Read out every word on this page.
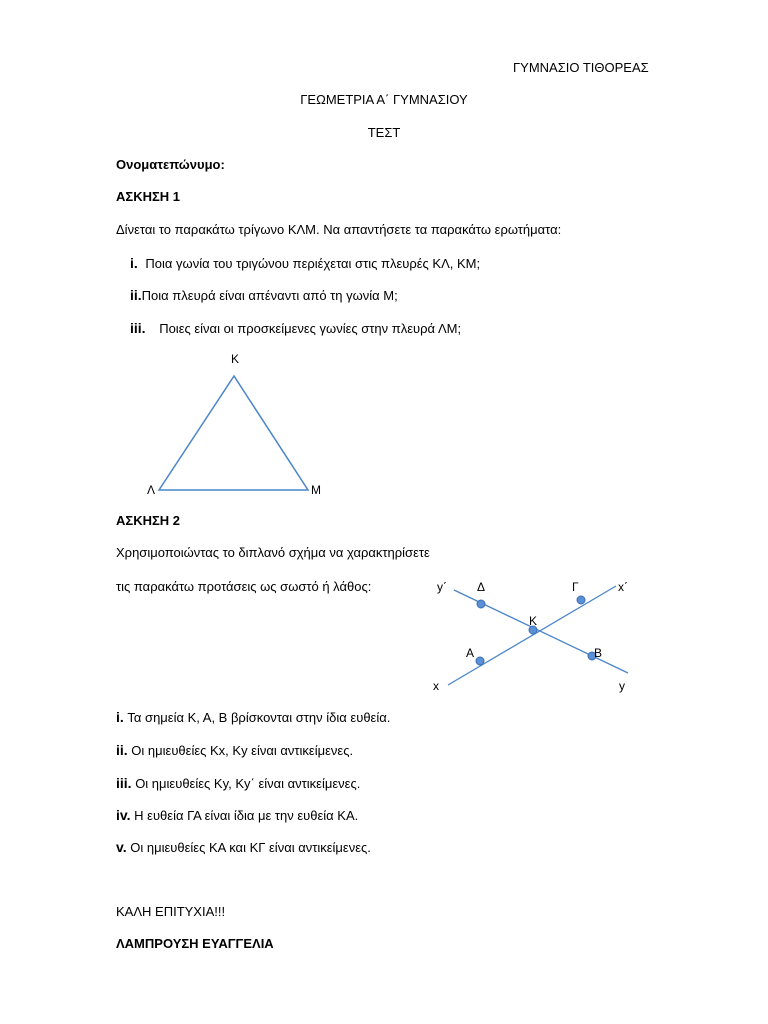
ΓΥΜΝΑΣΙΟ ΤΙΘΟΡΕΑΣ
ΓΕΩΜΕΤΡΙΑ Α΄ ΓΥΜΝΑΣΙΟΥ
ΤΕΣΤ
Ονοματεπώνυμο:
ΑΣΚΗΣΗ 1
Δίνεται το παρακάτω τρίγωνο ΚΛΜ. Να απαντήσετε τα παρακάτω ερωτήματα:
i. Ποια γωνία του τριγώνου περιέχεται στις πλευρές ΚΛ, ΚΜ;
ii.Ποια πλευρά είναι απέναντι από τη γωνία Μ;
iii. Ποιες είναι οι προσκείμενες γωνίες στην πλευρά ΛΜ;
Κ
Λ	Μ
ΑΣΚΗΣΗ 2
Χρησιμοποιώντας το διπλανό σχήμα να χαρακτηρίσετε
τις παρακάτω προτάσεις ως σωστό ή λάθος:	y΄	Δ	Γ	x΄
Κ
Α	Β
x	y
i. Τα σημεία Κ, Α, Β βρίσκονται στην ίδια ευθεία.
ii. Οι ημιευθείες Κx, Κy είναι αντικείμενες.
iii. Οι ημιευθείες Κy, Κy΄ είναι αντικείμενες.
iv. Η ευθεία ΓΑ είναι ίδια με την ευθεία ΚΑ.
v. Οι ημιευθείες ΚΑ και ΚΓ είναι αντικείμενες.
ΚΑΛΗ ΕΠΙΤΥΧΙΑ!!!
ΛΑΜΠΡΟΥΣΗ ΕΥΑΓΓΕΛΙΑ
